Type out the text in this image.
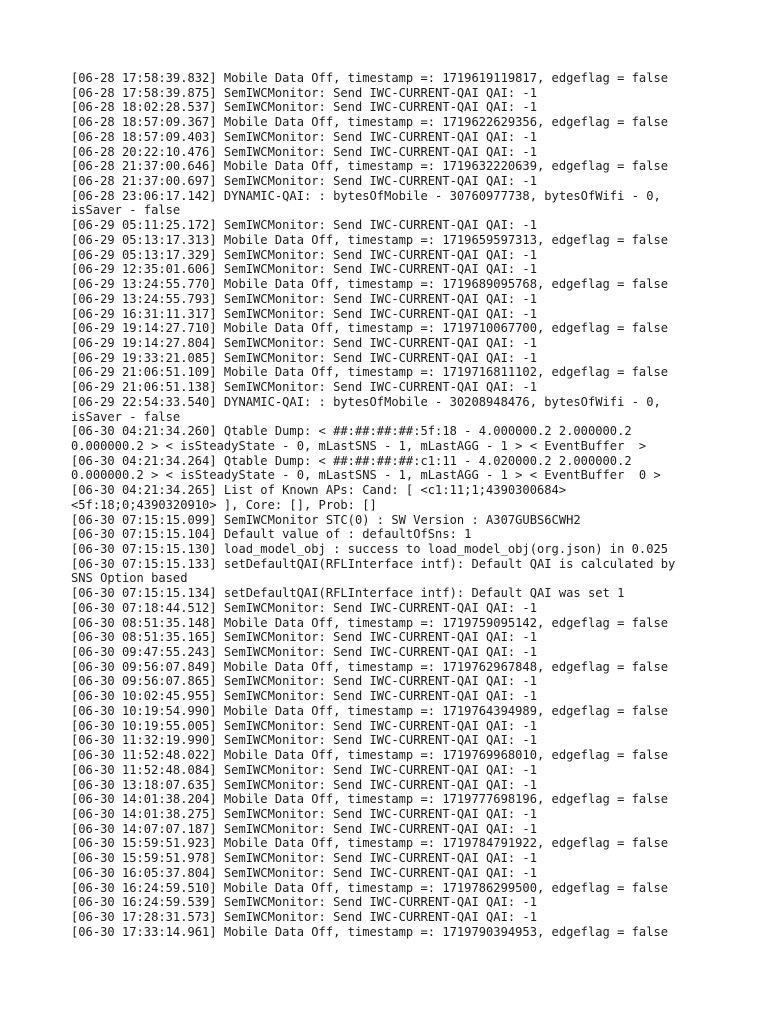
[06-28 17:58:39.832] Mobile Data Off, timestamp =: 1719619119817, edgeflag = false
[06-28 17:58:39.875] SemIWCMonitor: Send IWC-CURRENT-QAI QAI: -1
[06-28 18:02:28.537] SemIWCMonitor: Send IWC-CURRENT-QAI QAI: -1
[06-28 18:57:09.367] Mobile Data Off, timestamp =: 1719622629356, edgeflag = false
[06-28 18:57:09.403] SemIWCMonitor: Send IWC-CURRENT-QAI QAI: -1
[06-28 20:22:10.476] SemIWCMonitor: Send IWC-CURRENT-QAI QAI: -1
[06-28 21:37:00.646] Mobile Data Off, timestamp =: 1719632220639, edgeflag = false
[06-28 21:37:00.697] SemIWCMonitor: Send IWC-CURRENT-QAI QAI: -1
[06-28 23:06:17.142] DYNAMIC-QAI: : bytesOfMobile - 30760977738, bytesOfWifi - 0,
isSaver - false
[06-29 05:11:25.172] SemIWCMonitor: Send IWC-CURRENT-QAI QAI: -1
[06-29 05:13:17.313] Mobile Data Off, timestamp =: 1719659597313, edgeflag = false
[06-29 05:13:17.329] SemIWCMonitor: Send IWC-CURRENT-QAI QAI: -1
[06-29 12:35:01.606] SemIWCMonitor: Send IWC-CURRENT-QAI QAI: -1
[06-29 13:24:55.770] Mobile Data Off, timestamp =: 1719689095768, edgeflag = false
[06-29 13:24:55.793] SemIWCMonitor: Send IWC-CURRENT-QAI QAI: -1
[06-29 16:31:11.317] SemIWCMonitor: Send IWC-CURRENT-QAI QAI: -1
[06-29 19:14:27.710] Mobile Data Off, timestamp =: 1719710067700, edgeflag = false
[06-29 19:14:27.804] SemIWCMonitor: Send IWC-CURRENT-QAI QAI: -1
[06-29 19:33:21.085] SemIWCMonitor: Send IWC-CURRENT-QAI QAI: -1
[06-29 21:06:51.109] Mobile Data Off, timestamp =: 1719716811102, edgeflag = false
[06-29 21:06:51.138] SemIWCMonitor: Send IWC-CURRENT-QAI QAI: -1
[06-29 22:54:33.540] DYNAMIC-QAI: : bytesOfMobile - 30208948476, bytesOfWifi - 0,
isSaver - false
[06-30 04:21:34.260] Qtable Dump: < ##:##:##:##:5f:18 - 4.000000.2 2.000000.2
0.000000.2 > < isSteadyState - 0, mLastSNS - 1, mLastAGG - 1 > < EventBuffer  >
[06-30 04:21:34.264] Qtable Dump: < ##:##:##:##:c1:11 - 4.020000.2 2.000000.2
0.000000.2 > < isSteadyState - 0, mLastSNS - 1, mLastAGG - 1 > < EventBuffer  0 >
[06-30 04:21:34.265] List of Known APs: Cand: [ <c1:11;1;4390300684>
<5f:18;0;4390320910> ], Core: [], Prob: []
[06-30 07:15:15.099] SemIWCMonitor STC(0) : SW Version : A307GUBS6CWH2
[06-30 07:15:15.104] Default value of : defaultOfSns: 1
[06-30 07:15:15.130] load_model_obj : success to load_model_obj(org.json) in 0.025
[06-30 07:15:15.133] setDefaultQAI(RFLInterface intf): Default QAI is calculated by
SNS Option based
[06-30 07:15:15.134] setDefaultQAI(RFLInterface intf): Default QAI was set 1
[06-30 07:18:44.512] SemIWCMonitor: Send IWC-CURRENT-QAI QAI: -1
[06-30 08:51:35.148] Mobile Data Off, timestamp =: 1719759095142, edgeflag = false
[06-30 08:51:35.165] SemIWCMonitor: Send IWC-CURRENT-QAI QAI: -1
[06-30 09:47:55.243] SemIWCMonitor: Send IWC-CURRENT-QAI QAI: -1
[06-30 09:56:07.849] Mobile Data Off, timestamp =: 1719762967848, edgeflag = false
[06-30 09:56:07.865] SemIWCMonitor: Send IWC-CURRENT-QAI QAI: -1
[06-30 10:02:45.955] SemIWCMonitor: Send IWC-CURRENT-QAI QAI: -1
[06-30 10:19:54.990] Mobile Data Off, timestamp =: 1719764394989, edgeflag = false
[06-30 10:19:55.005] SemIWCMonitor: Send IWC-CURRENT-QAI QAI: -1
[06-30 11:32:19.990] SemIWCMonitor: Send IWC-CURRENT-QAI QAI: -1
[06-30 11:52:48.022] Mobile Data Off, timestamp =: 1719769968010, edgeflag = false
[06-30 11:52:48.084] SemIWCMonitor: Send IWC-CURRENT-QAI QAI: -1
[06-30 13:18:07.635] SemIWCMonitor: Send IWC-CURRENT-QAI QAI: -1
[06-30 14:01:38.204] Mobile Data Off, timestamp =: 1719777698196, edgeflag = false
[06-30 14:01:38.275] SemIWCMonitor: Send IWC-CURRENT-QAI QAI: -1
[06-30 14:07:07.187] SemIWCMonitor: Send IWC-CURRENT-QAI QAI: -1
[06-30 15:59:51.923] Mobile Data Off, timestamp =: 1719784791922, edgeflag = false
[06-30 15:59:51.978] SemIWCMonitor: Send IWC-CURRENT-QAI QAI: -1
[06-30 16:05:37.804] SemIWCMonitor: Send IWC-CURRENT-QAI QAI: -1
[06-30 16:24:59.510] Mobile Data Off, timestamp =: 1719786299500, edgeflag = false
[06-30 16:24:59.539] SemIWCMonitor: Send IWC-CURRENT-QAI QAI: -1
[06-30 17:28:31.573] SemIWCMonitor: Send IWC-CURRENT-QAI QAI: -1
[06-30 17:33:14.961] Mobile Data Off, timestamp =: 1719790394953, edgeflag = false
